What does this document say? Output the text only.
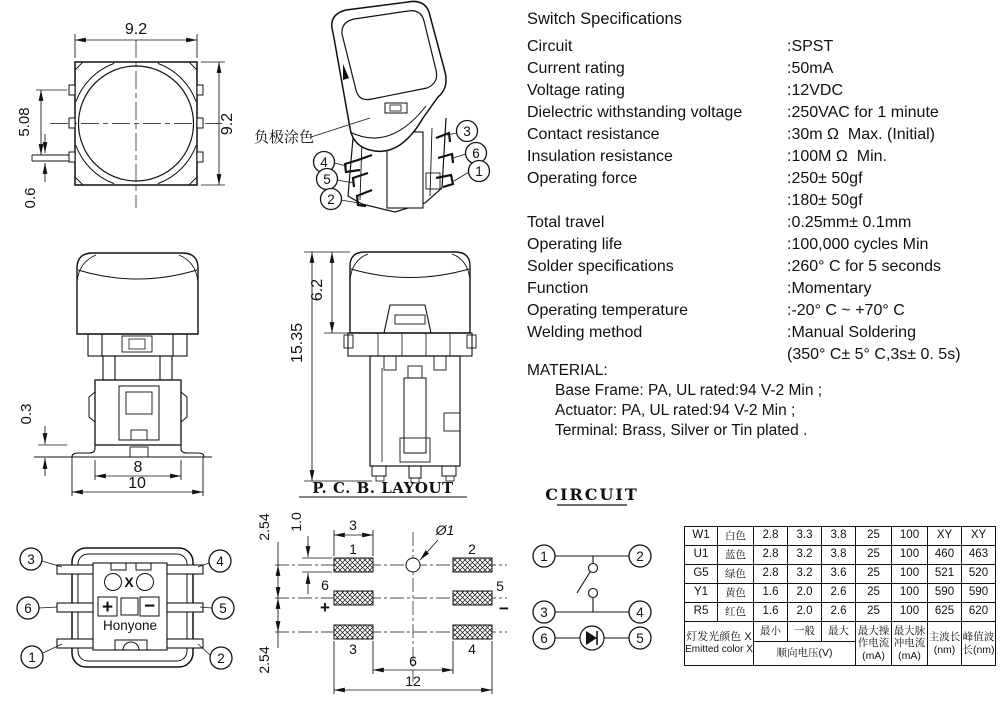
9.2
9.2
5.08
0.6
3
6
1
4
5
2
负极涂色
Switch Specifications
Circuit	:SPST
Current rating	:50mA
Voltage rating	:12VDC
Dielectric withstanding voltage	:250VAC for 1 minute
Contact resistance	:30m Ω  Max. (Initial)
Insulation resistance	:100M Ω  Min.
Operating force	:250± 50gf
:180± 50gf
Total travel	:0.25mm± 0.1mm
Operating life	:100,000 cycles Min
Solder specifications	:260° C for 5 seconds
Function	:Momentary
Operating temperature	:-20° C ~ +70° C
Welding method	:Manual Soldering
(350° C± 5° C,3s± 0. 5s)
MATERIAL:
Base Frame: PA, UL rated:94 V-2 Min ;
Actuator: PA, UL rated:94 V-2 Min ;
Terminal: Brass, Silver or Tin plated .
0.3
8
10
6.2
15.35
3	4
6	5
1	2
X
+ −
Honyone
P. C. B. LAYOUT
1	2
3	4
5
6
+	−
3	Ø1
6
12
2.54 1.0
2.54
CIRCUIT
1	2
3	4
6	5
W1	白色	2.8	3.3	3.8	25	100	XY	XY
U1	蓝色	2.8	3.2	3.8	25	100	460	463
G5	绿色	2.8	3.2	3.6	25	100	521	520
Y1	黄色	1.6	2.0	2.6	25	100	590	590
R5	红色	1.6	2.0	2.6	25	100	625	620

灯发光颜色 X
Emitted color X		最小	一般	最大	最大操作电流(mA)	最大脉冲电流(mA)	主波长(nm)	峰值波长(nm)
		顺向电压(V)						
